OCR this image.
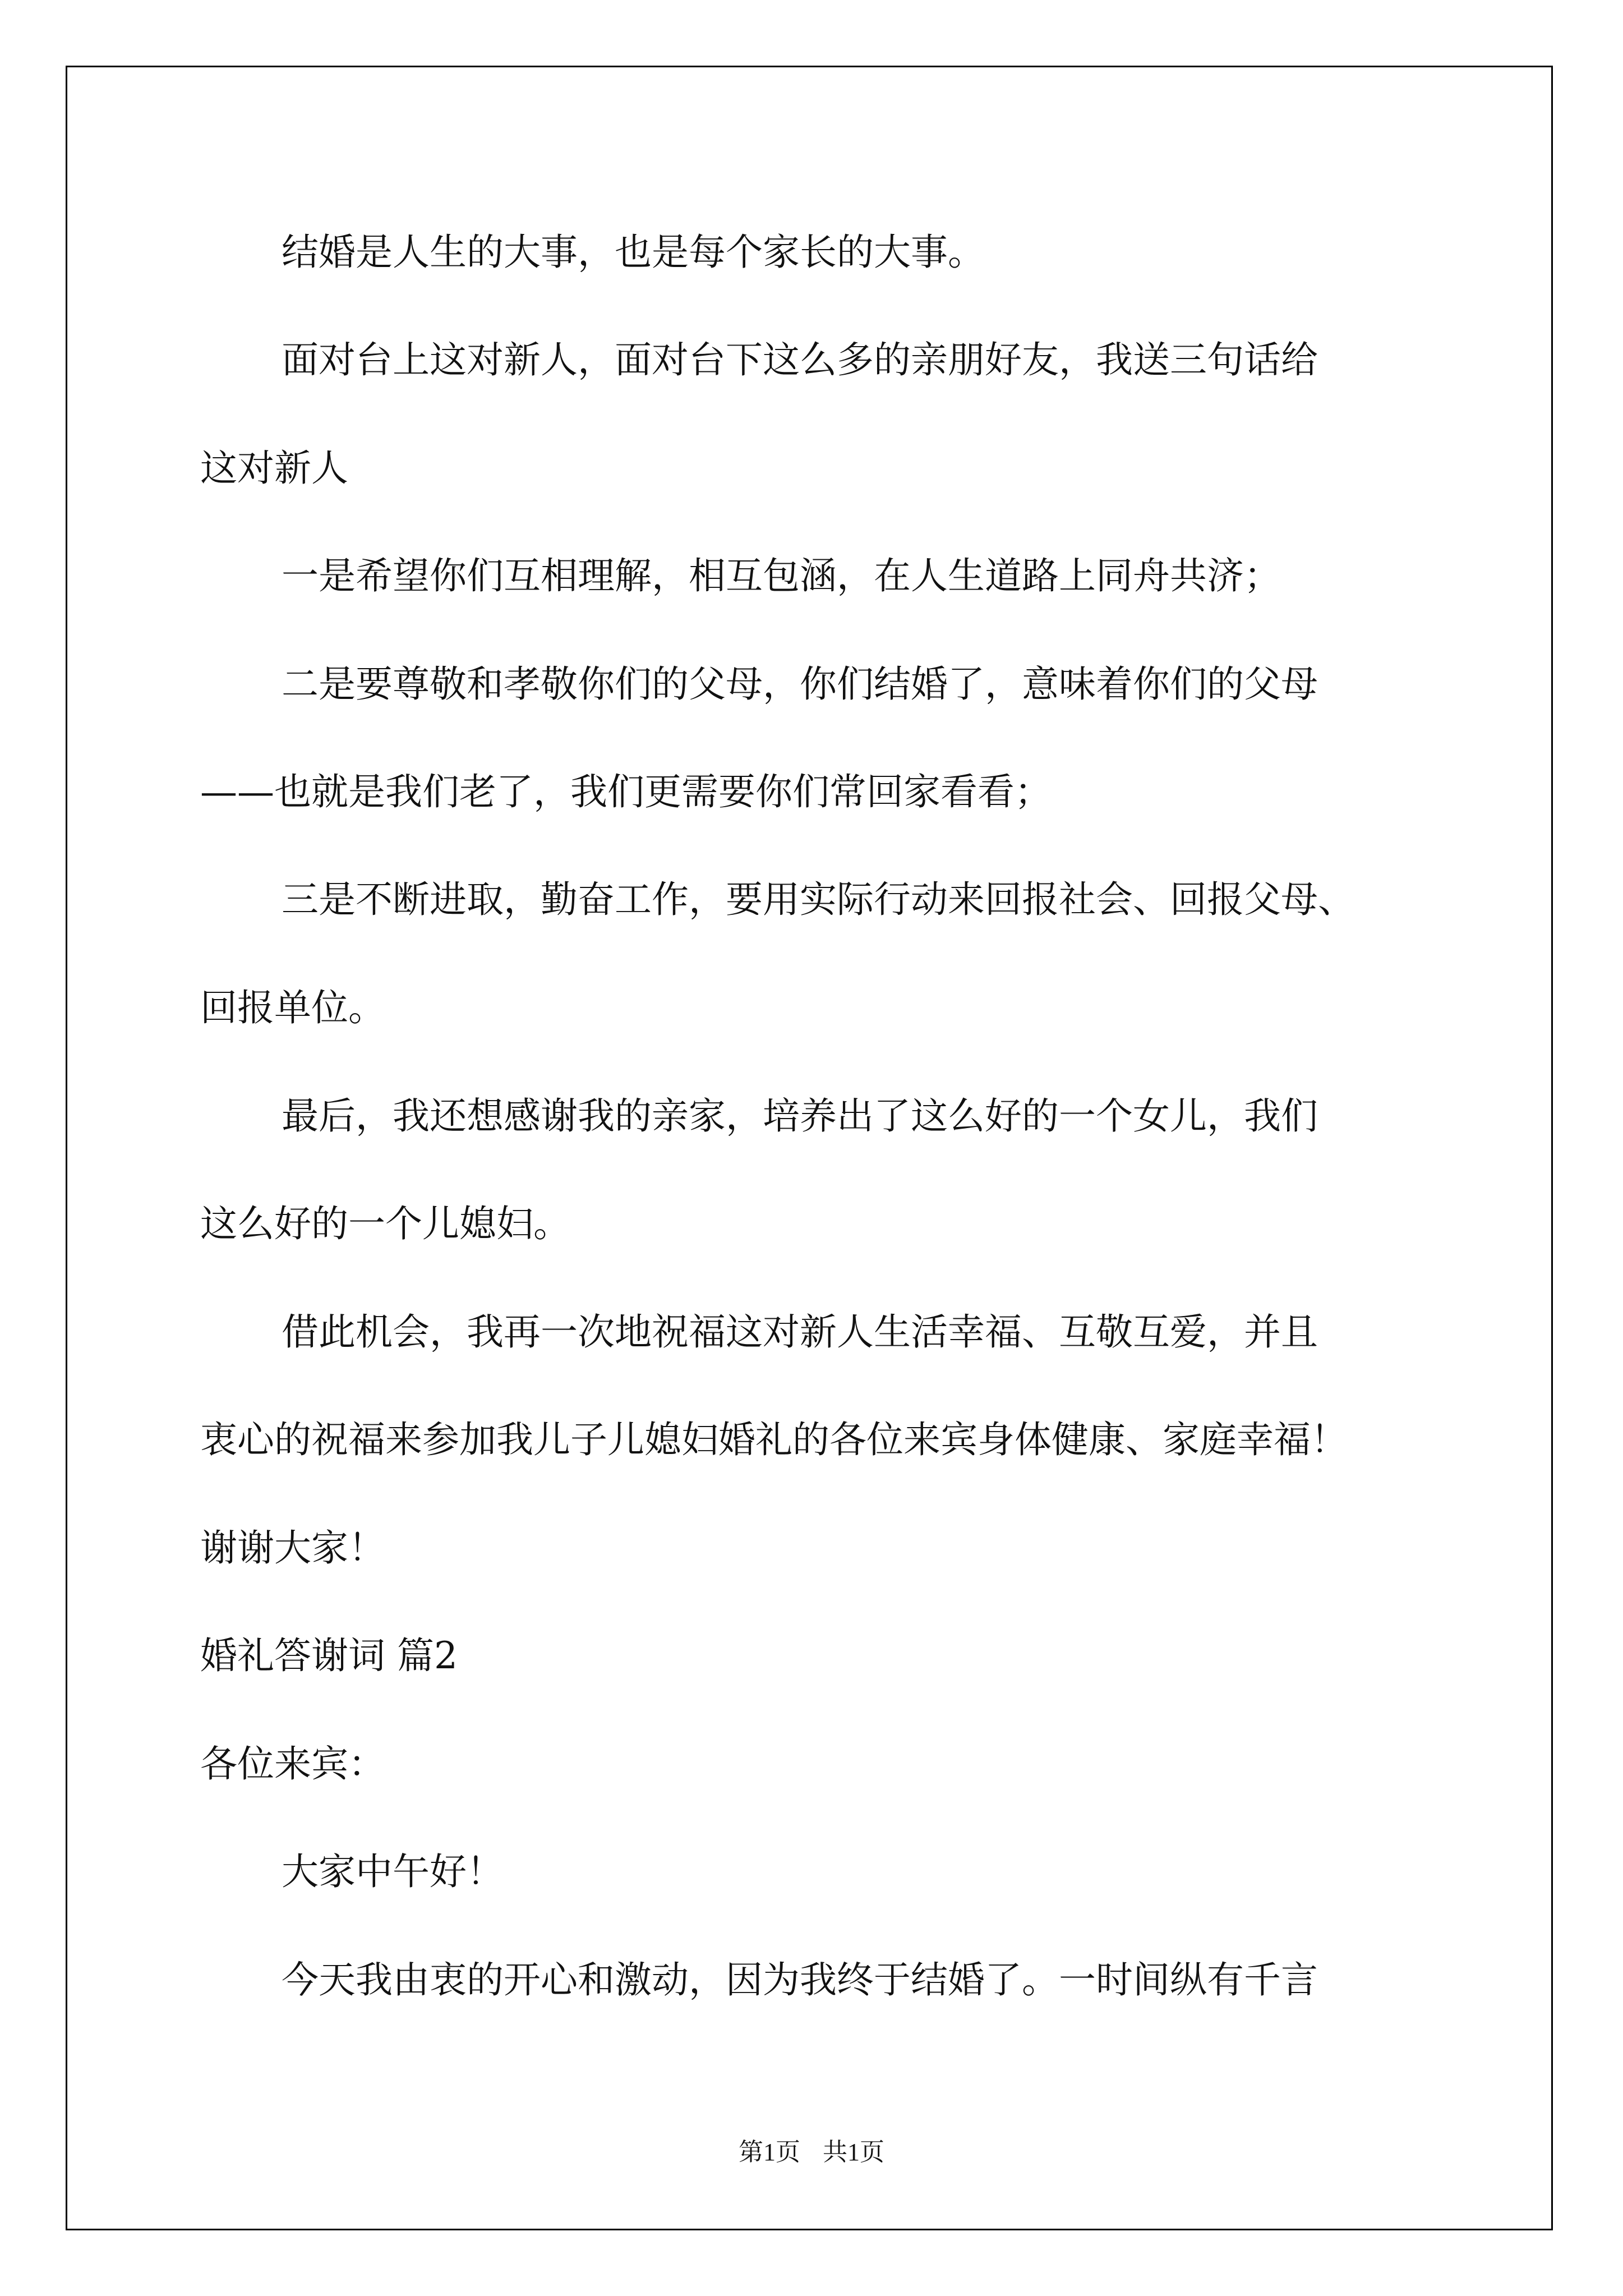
结婚是人生的大事，也是每个家长的大事。
面对台上这对新人，面对台下这么多的亲朋好友，我送三句话给
这对新人
一是希望你们互相理解，相互包涵，在人生道路上同舟共济；
二是要尊敬和孝敬你们的父母，你们结婚了，意味着你们的父母
——也就是我们老了，我们更需要你们常回家看看；
三是不断进取，勤奋工作，要用实际行动来回报社会、回报父母、
回报单位。
最后，我还想感谢我的亲家，培养出了这么好的一个女儿，我们
这么好的一个儿媳妇。
借此机会，我再一次地祝福这对新人生活幸福、互敬互爱，并且
衷心的祝福来参加我儿子儿媳妇婚礼的各位来宾身体健康、家庭幸福！
谢谢大家！
婚礼答谢词 篇2
各位来宾：
大家中午好！
今天我由衷的开心和激动，因为我终于结婚了。一时间纵有千言
第1页 共1页
